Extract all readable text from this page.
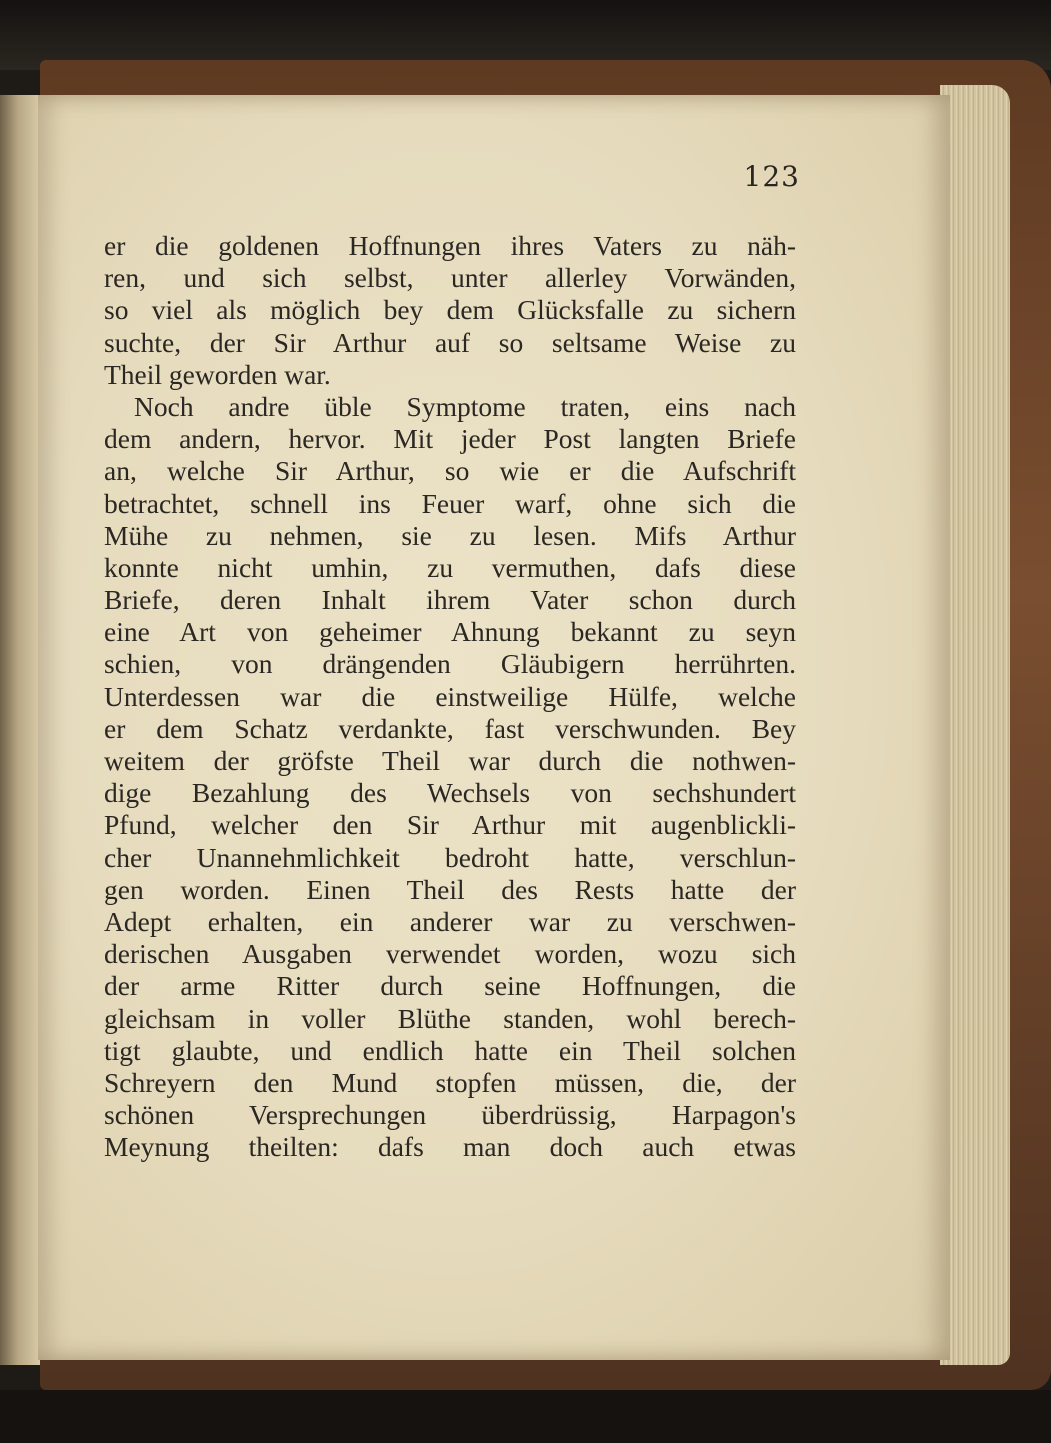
123
er die goldenen Hoffnungen ihres Vaters zu näh-
ren, und sich selbst, unter allerley Vorwänden,
so viel als möglich bey dem Glücksfalle zu sichern
suchte, der Sir Arthur auf so seltsame Weise zu
Theil geworden war.
Noch andre üble Symptome traten, eins nach
dem andern, hervor. Mit jeder Post langten Briefe
an, welche Sir Arthur, so wie er die Aufschrift
betrachtet, schnell ins Feuer warf, ohne sich die
Mühe zu nehmen, sie zu lesen. Mifs Arthur
konnte nicht umhin, zu vermuthen, dafs diese
Briefe, deren Inhalt ihrem Vater schon durch
eine Art von geheimer Ahnung bekannt zu seyn
schien, von drängenden Gläubigern herrührten.
Unterdessen war die einstweilige Hülfe, welche
er dem Schatz verdankte, fast verschwunden. Bey
weitem der gröfste Theil war durch die nothwen-
dige Bezahlung des Wechsels von sechshundert
Pfund, welcher den Sir Arthur mit augenblickli-
cher Unannehmlichkeit bedroht hatte, verschlun-
gen worden. Einen Theil des Rests hatte der
Adept erhalten, ein anderer war zu verschwen-
derischen Ausgaben verwendet worden, wozu sich
der arme Ritter durch seine Hoffnungen, die
gleichsam in voller Blüthe standen, wohl berech-
tigt glaubte, und endlich hatte ein Theil solchen
Schreyern den Mund stopfen müssen, die, der
schönen Versprechungen überdrüssig, Harpagon's
Meynung theilten: dafs man doch auch etwas
